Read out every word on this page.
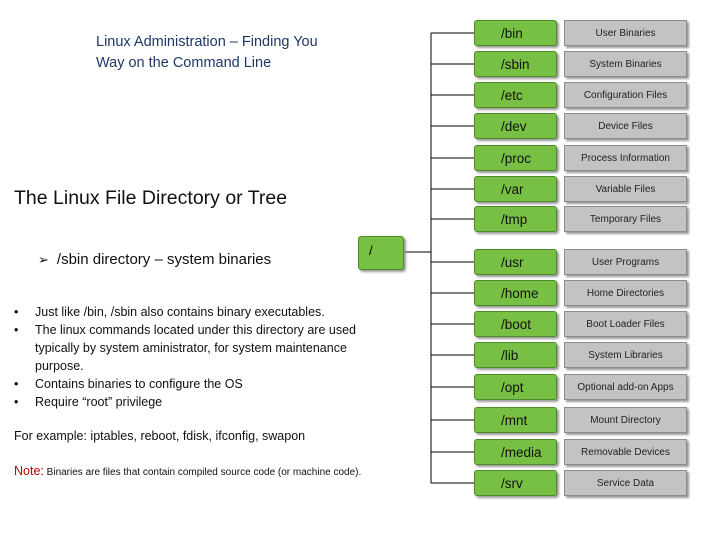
Linux Administration – Finding You
Way on the Command Line
The Linux File Directory or Tree
➢ /sbin directory – system binaries
• Just like /bin, /sbin also contains binary executables.
• The linux commands located under this directory are used typically by system aministrator, for system maintenance purpose.
• Contains binaries to configure the OS
• Require “root” privilege
For example: iptables, reboot, fdisk, ifconfig, swapon
Note: Binaries are files that contain compiled source code (or machine code).
/
/bin	User Binaries
/sbin	System Binaries
/etc	Configuration Files
/dev	Device Files
/proc	Process Information
/var	Variable Files
/tmp	Temporary Files
/usr	User Programs
/home	Home Directories
/boot	Boot Loader Files
/lib	System Libraries
/opt	Optional add-on Apps
/mnt	Mount Directory
/media	Removable Devices
/srv	Service Data
